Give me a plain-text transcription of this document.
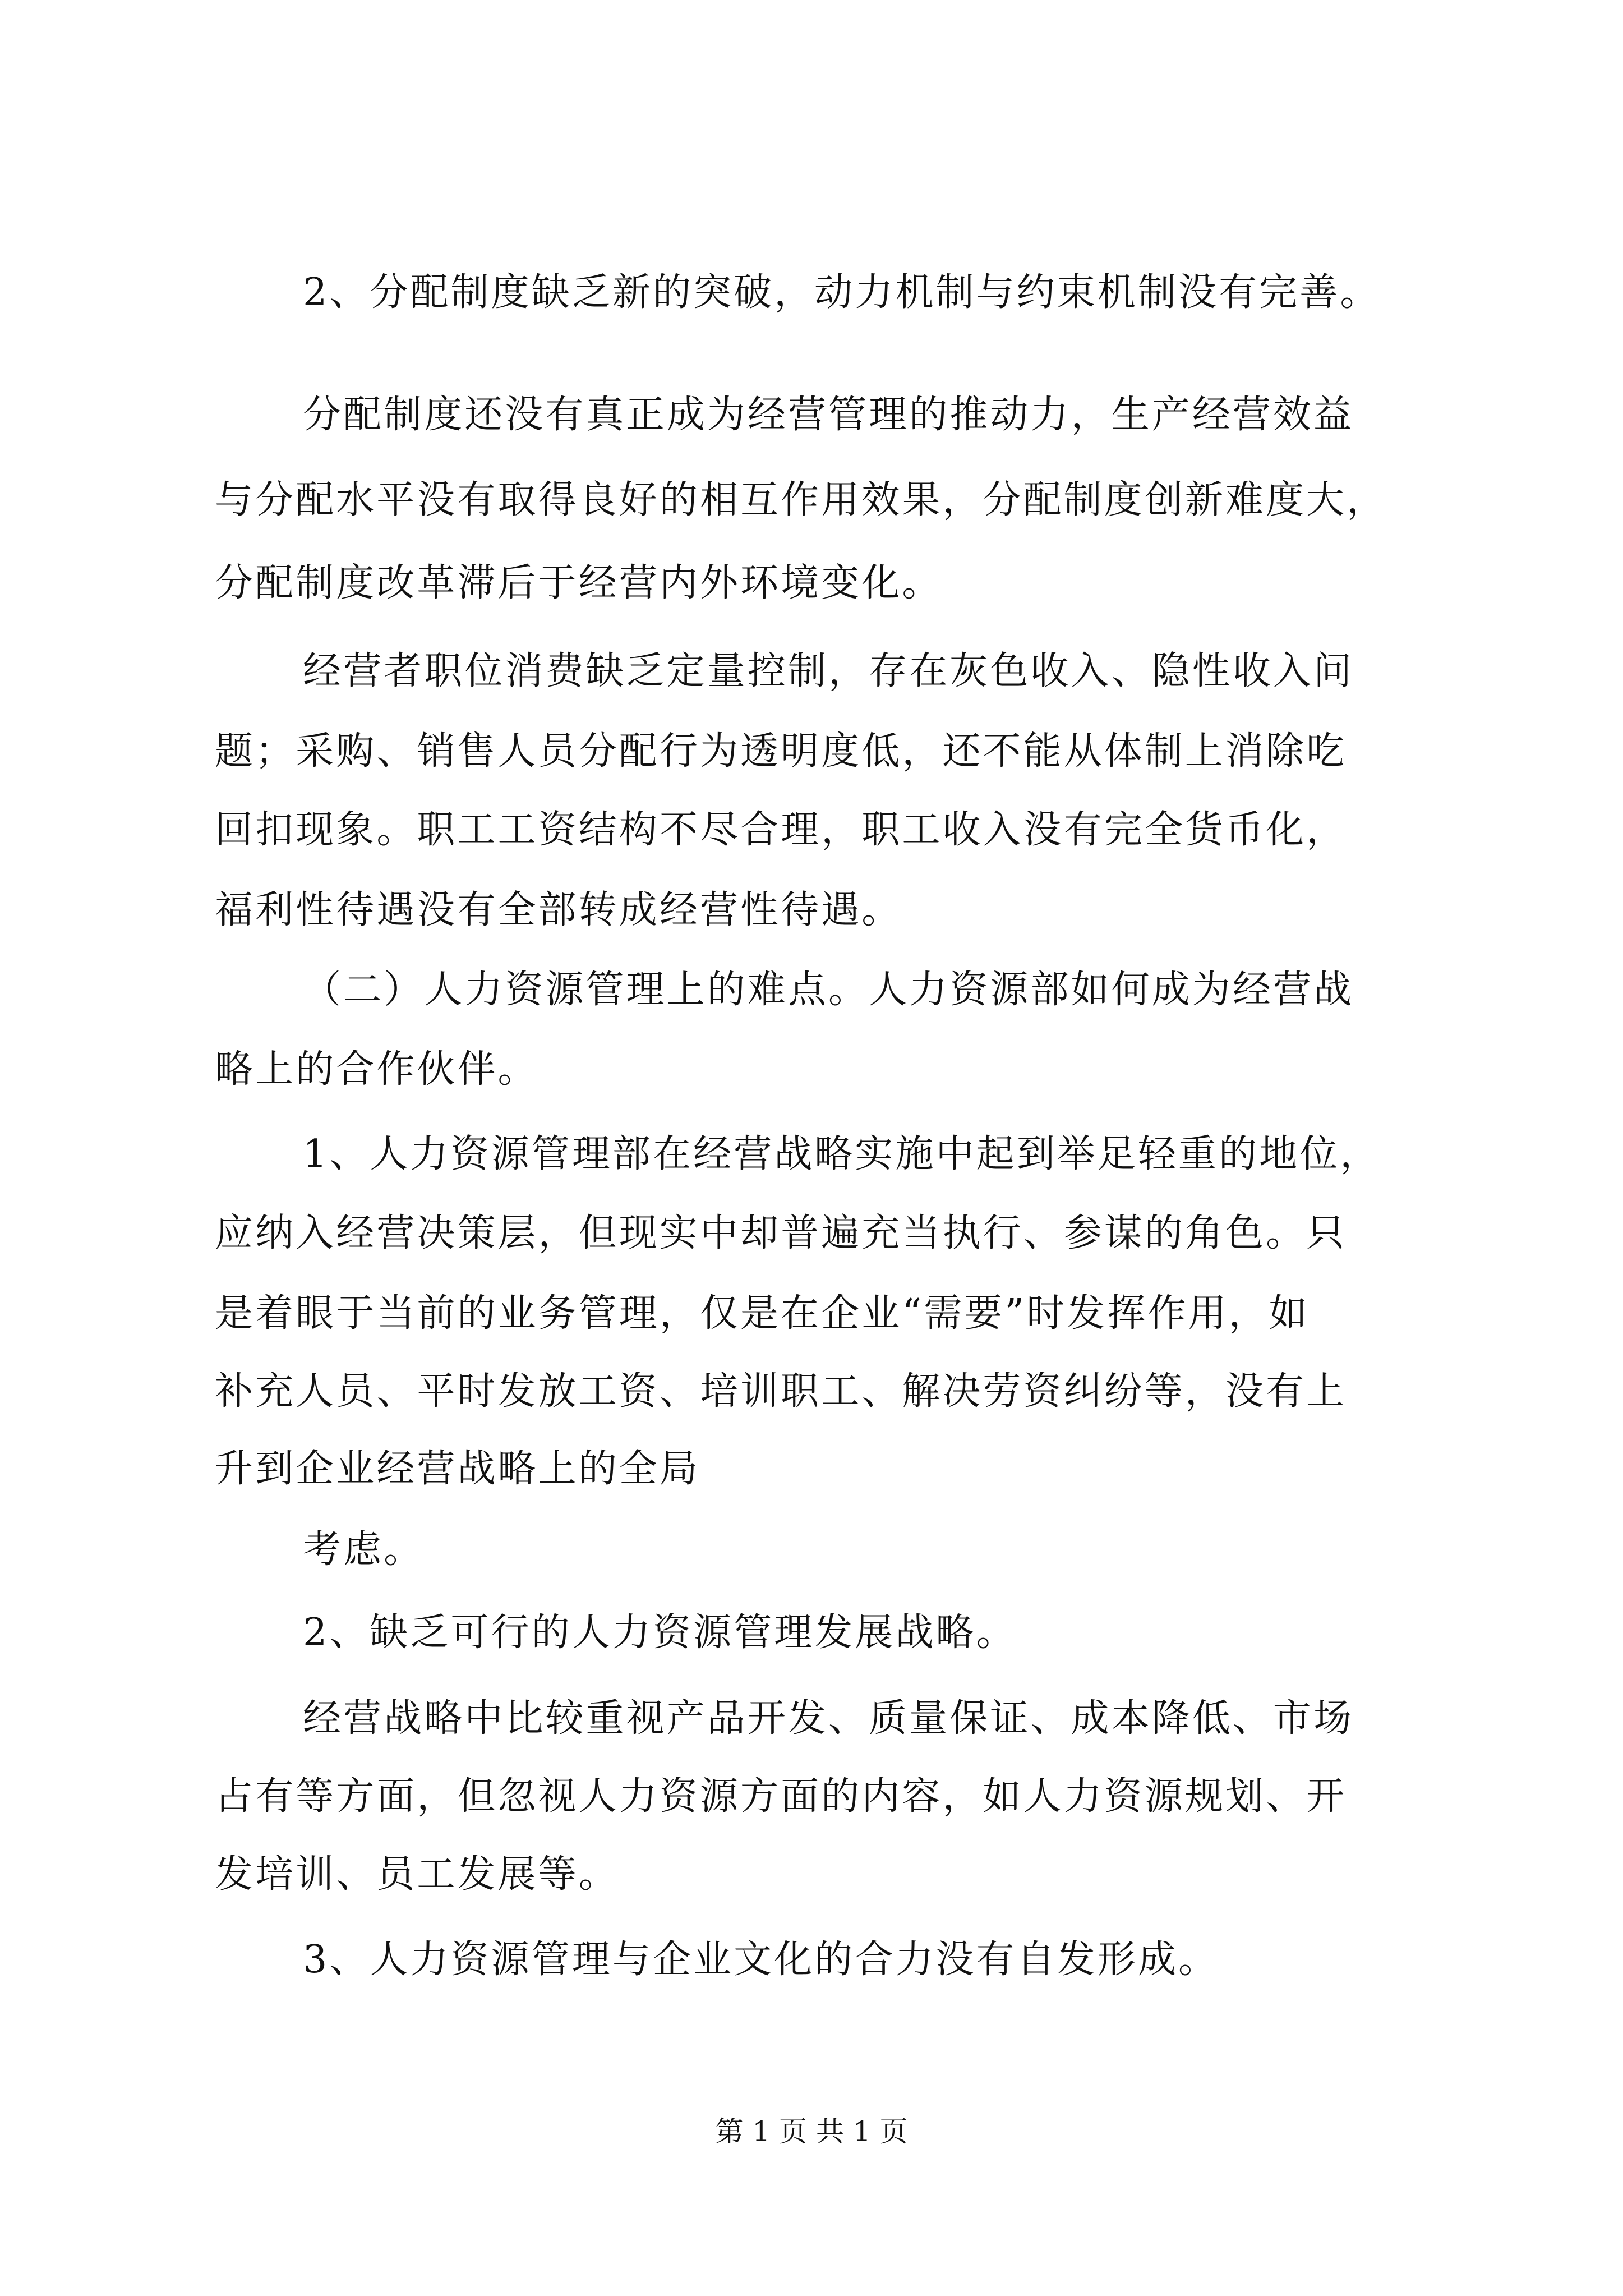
2、分配制度缺乏新的突破，动力机制与约束机制没有完善。
分配制度还没有真正成为经营管理的推动力，生产经营效益
与分配水平没有取得良好的相互作用效果，分配制度创新难度大，
分配制度改革滞后于经营内外环境变化。
经营者职位消费缺乏定量控制，存在灰色收入、隐性收入问
题；采购、销售人员分配行为透明度低，还不能从体制上消除吃
回扣现象。职工工资结构不尽合理，职工收入没有完全货币化，
福利性待遇没有全部转成经营性待遇。
（二）人力资源管理上的难点。人力资源部如何成为经营战
略上的合作伙伴。
1、人力资源管理部在经营战略实施中起到举足轻重的地位，
应纳入经营决策层，但现实中却普遍充当执行、参谋的角色。只
是着眼于当前的业务管理，仅是在企业“需要”时发挥作用，如
补充人员、平时发放工资、培训职工、解决劳资纠纷等，没有上
升到企业经营战略上的全局
考虑。
2、缺乏可行的人力资源管理发展战略。
经营战略中比较重视产品开发、质量保证、成本降低、市场
占有等方面，但忽视人力资源方面的内容，如人力资源规划、开
发培训、员工发展等。
3、人力资源管理与企业文化的合力没有自发形成。
第 1 页 共 1 页
